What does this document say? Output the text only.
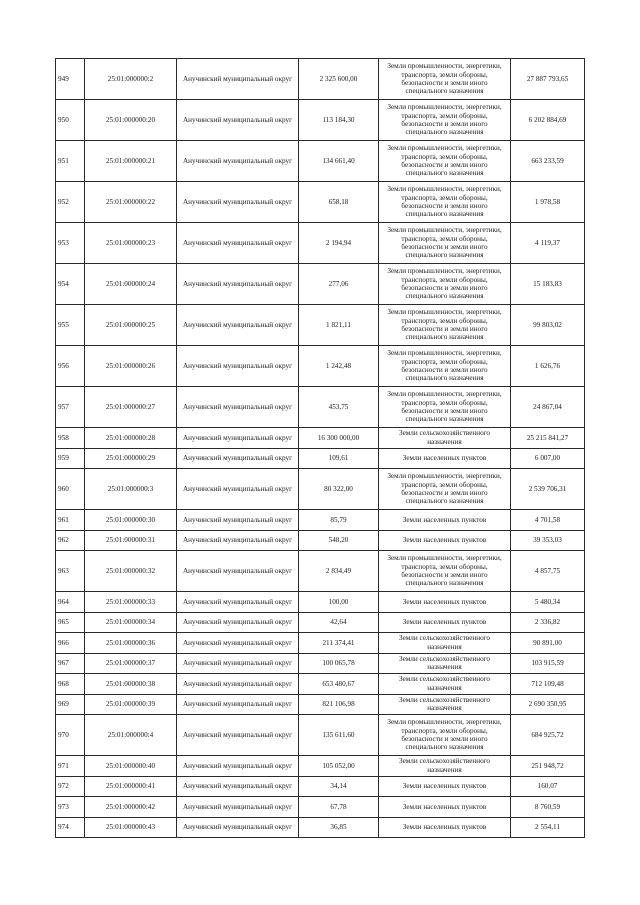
949	25:01:000000:2	Анучинский муниципальный округ	2 325 600,00	Земли промышленности, энергетики, транспорта, земли обороны, безопасности и земли иного специального назначения	27 887 793,65
950	25:01:000000:20	Анучинский муниципальный округ	113 184,30	Земли промышленности, энергетики, транспорта, земли обороны, безопасности и земли иного специального назначения	6 202 884,69
951	25:01:000000:21	Анучинский муниципальный округ	134 661,40	Земли промышленности, энергетики, транспорта, земли обороны, безопасности и земли иного специального назначения	663 233,59
952	25:01:000000:22	Анучинский муниципальный округ	658,18	Земли промышленности, энергетики, транспорта, земли обороны, безопасности и земли иного специального назначения	1 978,58
953	25:01:000000:23	Анучинский муниципальный округ	2 194,94	Земли промышленности, энергетики, транспорта, земли обороны, безопасности и земли иного специального назначения	4 119,37
954	25:01:000000:24	Анучинский муниципальный округ	277,06	Земли промышленности, энергетики, транспорта, земли обороны, безопасности и земли иного специального назначения	15 183,83
955	25:01:000000:25	Анучинский муниципальный округ	1 821,11	Земли промышленности, энергетики, транспорта, земли обороны, безопасности и земли иного специального назначения	99 803,02
956	25:01:000000:26	Анучинский муниципальный округ	1 242,48	Земли промышленности, энергетики, транспорта, земли обороны, безопасности и земли иного специального назначения	1 626,76
957	25:01:000000:27	Анучинский муниципальный округ	453,75	Земли промышленности, энергетики, транспорта, земли обороны, безопасности и земли иного специального назначения	24 867,04
958	25:01:000000:28	Анучинский муниципальный округ	16 300 000,00	Земли сельскохозяйственного назначения	25 215 841,27
959	25:01:000000:29	Анучинский муниципальный округ	109,61	Земли населенных пунктов	6 007,00
960	25:01:000000:3	Анучинский муниципальный округ	80 322,00	Земли промышленности, энергетики, транспорта, земли обороны, безопасности и земли иного специального назначения	2 539 706,31
961	25:01:000000:30	Анучинский муниципальный округ	85,79	Земли населенных пунктов	4 701,58
962	25:01:000000:31	Анучинский муниципальный округ	548,20	Земли населенных пунктов	39 353,03
963	25:01:000000:32	Анучинский муниципальный округ	2 834,49	Земли промышленности, энергетики, транспорта, земли обороны, безопасности и земли иного специального назначения	4 857,75
964	25:01:000000:33	Анучинский муниципальный округ	100,00	Земли населенных пунктов	5 480,34
965	25:01:000000:34	Анучинский муниципальный округ	42,64	Земли населенных пунктов	2 336,82
966	25:01:000000:36	Анучинский муниципальный округ	211 374,41	Земли сельскохозяйственного назначения	90 891,00
967	25:01:000000:37	Анучинский муниципальный округ	100 065,78	Земли сельскохозяйственного назначения	103 915,59
968	25:01:000000:38	Анучинский муниципальный округ	653 480,67	Земли сельскохозяйственного назначения	712 109,48
969	25:01:000000:39	Анучинский муниципальный округ	821 106,98	Земли сельскохозяйственного назначения	2 690 350,95
970	25:01:000000:4	Анучинский муниципальный округ	135 611,60	Земли промышленности, энергетики, транспорта, земли обороны, безопасности и земли иного специального назначения	684 925,72
971	25:01:000000:40	Анучинский муниципальный округ	105 052,00	Земли сельскохозяйственного назначения	251 948,72
972	25:01:000000:41	Анучинский муниципальный округ	34,14	Земли населенных пунктов	160,07
973	25:01:000000:42	Анучинский муниципальный округ	67,78	Земли населенных пунктов	8 760,59
974	25:01:000000:43	Анучинский муниципальный округ	36,85	Земли населенных пунктов	2 554,11
